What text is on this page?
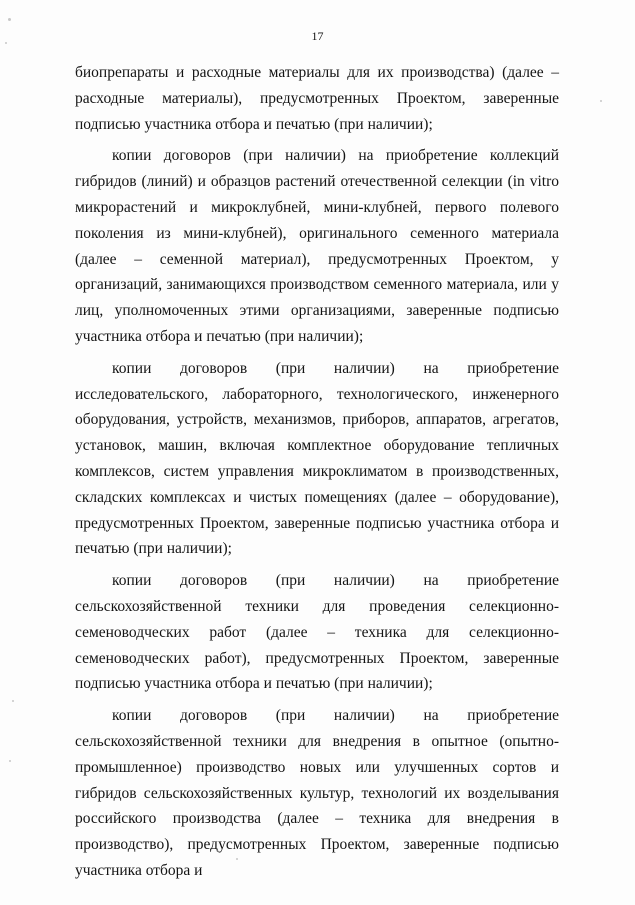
17

биопрепараты и расходные материалы для их производства) (далее – расходные материалы), предусмотренных Проектом, заверенные подписью участника отбора и печатью (при наличии);

копии договоров (при наличии) на приобретение коллекций гибридов (линий) и образцов растений отечественной селекции (in vitro микрорастений и микроклубней, мини-клубней, первого полевого поколения из мини-клубней), оригинального семенного материала (далее – семенной материал), предусмотренных Проектом, у организаций, занимающихся производством семенного материала, или у лиц, уполномоченных этими организациями, заверенные подписью участника отбора и печатью (при наличии);

копии договоров (при наличии) на приобретение исследовательского, лабораторного, технологического, инженерного оборудования, устройств, механизмов, приборов, аппаратов, агрегатов, установок, машин, включая комплектное оборудование тепличных комплексов, систем управления микроклиматом в производственных, складских комплексах и чистых помещениях (далее – оборудование), предусмотренных Проектом, заверенные подписью участника отбора и печатью (при наличии);

копии договоров (при наличии) на приобретение сельскохозяйственной техники для проведения селекционно-семеноводческих работ (далее – техника для селекционно-семеноводческих работ), предусмотренных Проектом, заверенные подписью участника отбора и печатью (при наличии);

копии договоров (при наличии) на приобретение сельскохозяйственной техники для внедрения в опытное (опытно-промышленное) производство новых или улучшенных сортов и гибридов сельскохозяйственных культур, технологий их возделывания российского производства (далее – техника для внедрения в производство), предусмотренных Проектом, заверенные подписью участника отбора и
